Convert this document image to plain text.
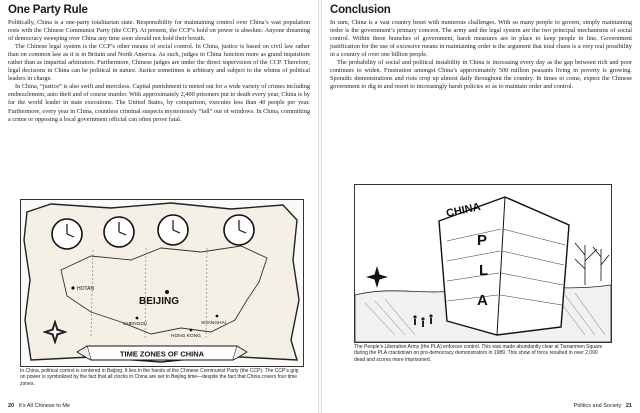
One Party Rule

Politically, China is a one-party totalitarian state. Responsibility for maintaining control over China’s vast population rests with the Chinese Communist Party (the CCP). At present, the CCP’s hold on power is absolute. Anyone dreaming of democracy sweeping over China any time soon should not hold their breath.

The Chinese legal system is the CCP’s other means of social control. In China, justice is based on civil law rather than on common law as it is in Britain and North America. As such, judges in China function more as grand inquisitors rather than as impartial arbitrators. Furthermore, Chinese judges are under the direct supervision of the CCP. Therefore, legal decisions in China can be political in nature. Justice sometimes is arbitrary and subject to the whims of political leaders in charge.

In China, “justice” is also swift and merciless. Capital punishment is meted out for a wide variety of crimes including embezzlement, auto theft and of course murder. With approximately 2,400 prisoners put to death every year, China is by far the world leader in state executions. The United States, by comparison, executes less than 40 people per year. Furthermore, every year in China, countless criminal suspects mysteriously “fall” out of windows. In China, committing a crime or opposing a local government official can often prove fatal.

HOTAN
BEIJING
CHENGDU	SHANGHAI
HONG KONG
TIME ZONES OF CHINA
In China, political control is centered in Beijing. It lies in the hands of the Chinese Communist Party (the CCP). The CCP’s grip on power is symbolized by the fact that all clocks in China are set to Beijing time—despite the fact that China covers four time zones.
20 It’s All Chinese to Me
Conclusion

In sum, China is a vast country beset with numerous challenges. With so many people to govern, simply maintaining order is the government’s primary concern. The army and the legal system are the two principal mechanisms of social control. Within these branches of government, harsh measures are in place to keep people in line. Government justification for the use of excessive means in maintaining order is the argument that total chaos is a very real possibility in a country of over one billion people.

The probability of social and political instability in China is increasing every day as the gap between rich and poor continues to widen. Frustration amongst China’s approximately 500 million peasants living in poverty is growing. Sporadic demonstrations and riots crop up almost daily throughout the country. In times to come, expect the Chinese government to dig in and resort to increasingly harsh policies so as to maintain order and control.

CHINA
P
L
A
The People’s Liberation Army (the PLA) enforces control. This was made abundantly clear at Tiananmen Square during the PLA crackdown on pro-democracy demonstrators in 1989. This show of force resulted in over 2,000 dead and scores more imprisoned.
Politics and Society 21
